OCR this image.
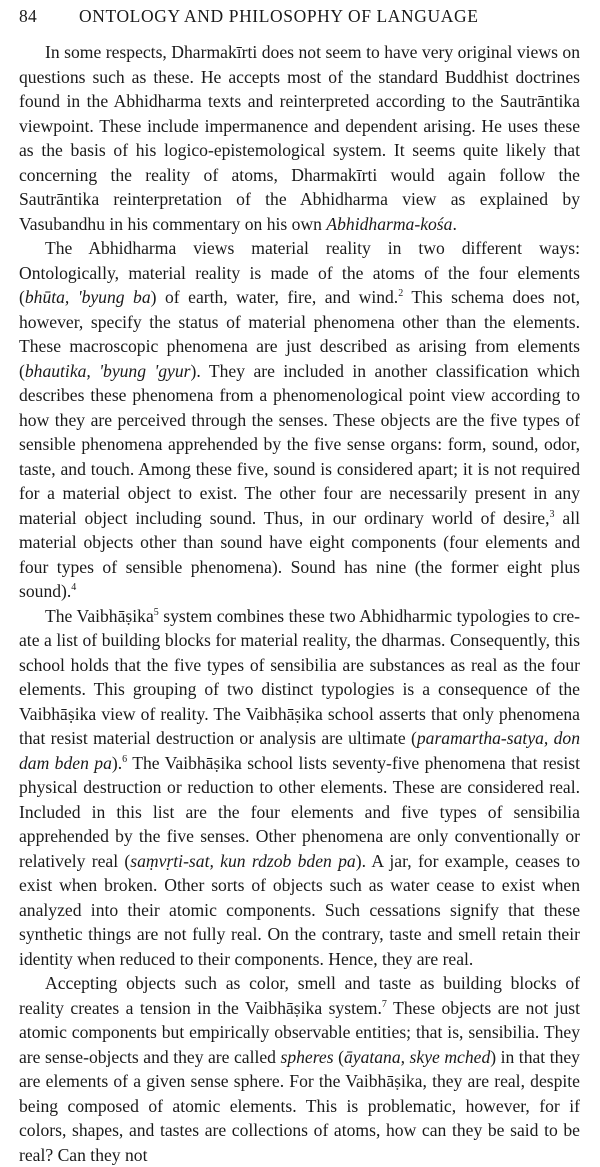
84	ONTOLOGY AND PHILOSOPHY OF LANGUAGE

In some respects, Dharmakīrti does not seem to have very original views on questions such as these. He accepts most of the standard Buddhist doctrines found in the Abhidharma texts and reinterpreted according to the Sautrāntika viewpoint. These include impermanence and dependent arising. He uses these as the basis of his logico-epistemological system. It seems quite likely that concerning the reality of atoms, Dharmakīrti would again follow the Sautrāntika reinterpretation of the Abhidharma view as explained by Vasubandhu in his commentary on his own Abhidharma-kośa.

The Abhidharma views material reality in two different ways: Ontologically, material reality is made of the atoms of the four elements (bhūta, 'byung ba) of earth, water, fire, and wind.$^2$ This schema does not, however, specify the status of material phenomena other than the elements. These macroscopic phenomena are just described as arising from elements (bhautika, 'byung 'gyur). They are included in another classification which describes these phenomena from a phenomenological point view according to how they are perceived through the senses. These objects are the five types of sensible phenomena apprehended by the five sense organs: form, sound, odor, taste, and touch. Among these five, sound is considered apart; it is not required for a material object to exist. The other four are necessarily present in any material object including sound. Thus, in our ordinary world of desire,$^3$ all material objects other than sound have eight components (four elements and four types of sensible phenomena). Sound has nine (the former eight plus sound).$^4$

The Vaibhāṣika$^5$ system combines these two Abhidharmic typologies to create a list of building blocks for material reality, the dharmas. Consequently, this school holds that the five types of sensibilia are substances as real as the four elements. This grouping of two distinct typologies is a consequence of the Vaibhāṣika view of reality. The Vaibhāṣika school asserts that only phenomena that resist material destruction or analysis are ultimate (paramartha-satya, don dam bden pa).$^6$ The Vaibhāṣika school lists seventy-five phenomena that resist physical destruction or reduction to other elements. These are considered real. Included in this list are the four elements and five types of sensibilia apprehended by the five senses. Other phenomena are only conventionally or relatively real (saṃvṛti-sat, kun rdzob bden pa). A jar, for example, ceases to exist when broken. Other sorts of objects such as water cease to exist when analyzed into their atomic components. Such cessations signify that these synthetic things are not fully real. On the contrary, taste and smell retain their identity when reduced to their components. Hence, they are real.

Accepting objects such as color, smell and taste as building blocks of reality creates a tension in the Vaibhāṣika system.$^7$ These objects are not just atomic components but empirically observable entities; that is, sensibilia. They are sense-objects and they are called spheres (āyatana, skye mched) in that they are elements of a given sense sphere. For the Vaibhāṣika, they are real, despite being composed of atomic elements. This is problematic, however, for if colors, shapes, and tastes are collections of atoms, how can they be said to be real? Can they not
